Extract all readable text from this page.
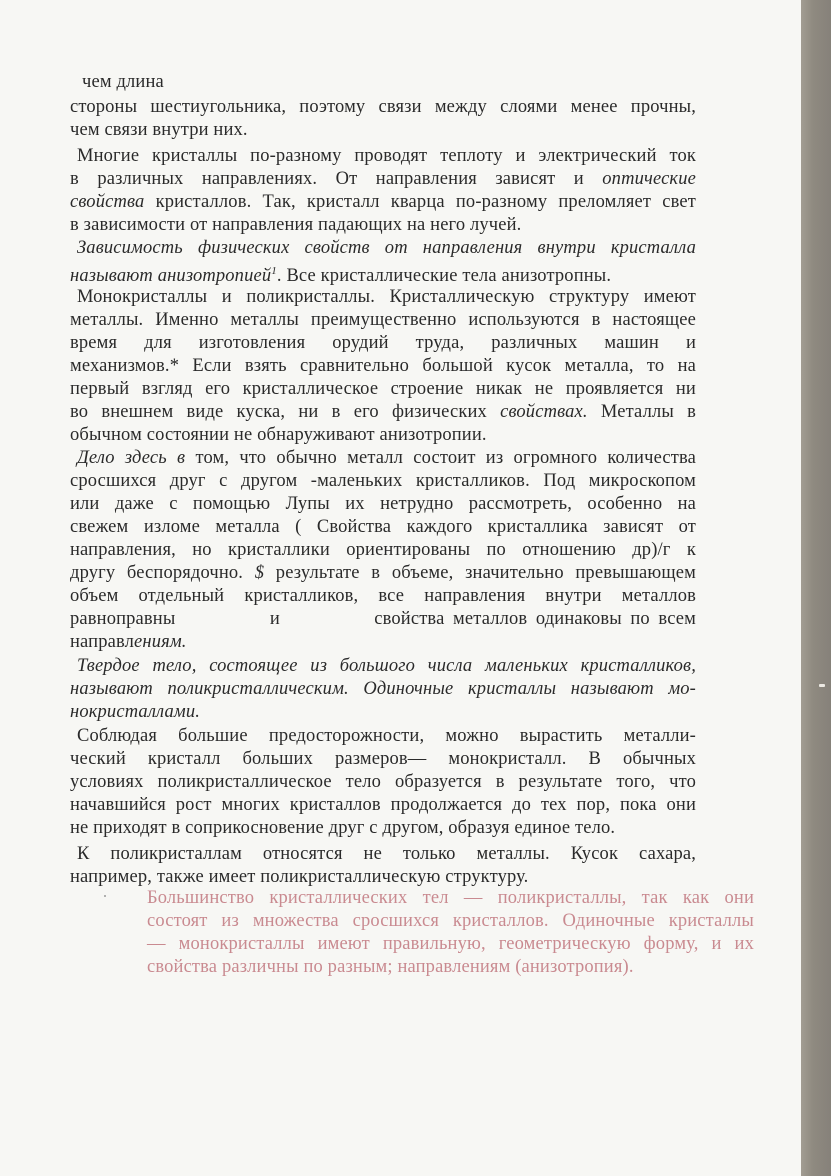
чем длина
стороны шестиугольника, поэтому связи между слоями менее прочны,
чем связи внутри них.
Многие кристаллы по-разному проводят теплоту и электрический ток
в различных направлениях. От направления зависят и оптические
свойства кристаллов. Так, кристалл кварца по-разному преломляет свет
в зависимости от направления падающих на него лучей.
Зависимость физических свойств от направления внутри кристалла
называют анизотропией$^1$. Все кристаллические тела анизотропны.
Монокристаллы и поликристаллы. Кристаллическую структуру имеют
металлы. Именно металлы преимущественно используются в настоящее
время для изготовления орудий труда, различных машин и
механизмов.* Если взять сравнительно большой кусок металла, то на
первый взгляд его кристаллическое строение никак не проявляется ни
во внешнем виде куска, ни в его физических свойствах. Металлы в
обычном состоянии не обнаруживают анизотропии.
Дело здесь в том, что обычно металл состоит из огромного количества
сросшихся друг с другом -маленьких кристалликов. Под микроскопом
или даже с помощью Лупы их нетрудно рассмотреть, особенно на
свежем изломе металла ( Свойства каждого кристаллика зависят от
направления, но кристаллики ориентированы по отношению др)/г к
другу беспорядочно. $ результате в объеме, значительно превышающем
объем отдельный кристалликов, все направления внутри металлов
равноправны           и           свойства металлов одинаковы по всем
направлениям.
Твердое тело, состоящее из большого числа маленьких кристалликов,
называют поликристаллическим. Одиночные кристаллы называют мо-
нокристаллами.
Соблюдая большие предосторожности, можно вырастить металли-
ческий кристалл больших размеров— монокристалл. В обычных
условиях поликристаллическое тело образуется в результате того, что
начавшийся рост многих кристаллов продолжается до тех пор, пока они
не приходят в соприкосновение друг с другом, образуя единое тело.
К поликристаллам относятся не только металлы. Кусок сахара,
например, также имеет поликристаллическую структуру.
Большинство кристаллических тел — поликристаллы, так как они
состоят из множества сросшихся кристаллов. Одиночные кристаллы
— монокристаллы имеют правильную, геометрическую форму, и их
свойства различны по разным; направлениям (анизотропия).
